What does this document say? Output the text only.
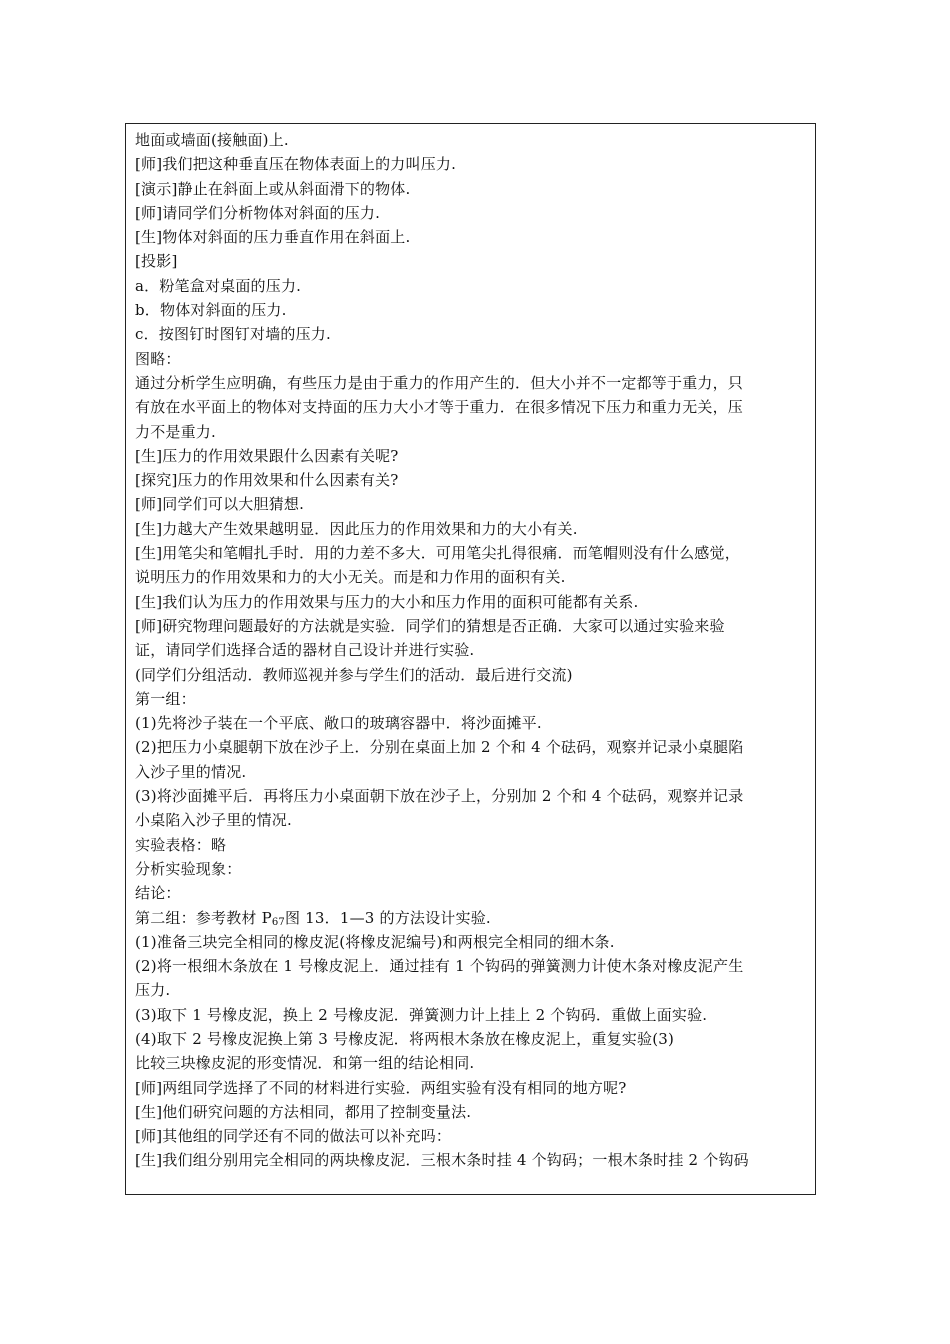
地面或墙面(接触面)上.
[师]我们把这种垂直压在物体表面上的力叫压力.
[演示]静止在斜面上或从斜面滑下的物体.
[师]请同学们分析物体对斜面的压力.
[生]物体对斜面的压力垂直作用在斜面上.
[投影]
a．粉笔盒对桌面的压力.
b．物体对斜面的压力.
c．按图钉时图钉对墙的压力.
图略：
通过分析学生应明确，有些压力是由于重力的作用产生的．但大小并不一定都等于重力，只
有放在水平面上的物体对支持面的压力大小才等于重力．在很多情况下压力和重力无关，压
力不是重力.
[生]压力的作用效果跟什么因素有关呢?
[探究]压力的作用效果和什么因素有关?
[师]同学们可以大胆猜想.
[生]力越大产生效果越明显．因此压力的作用效果和力的大小有关.
[生]用笔尖和笔帽扎手时．用的力差不多大．可用笔尖扎得很痛．而笔帽则没有什么感觉，
说明压力的作用效果和力的大小无关。而是和力作用的面积有关.
[生]我们认为压力的作用效果与压力的大小和压力作用的面积可能都有关系.
[师]研究物理问题最好的方法就是实验．同学们的猜想是否正确．大家可以通过实验来验
证，请同学们选择合适的器材自己设计并进行实验.
(同学们分组活动．教师巡视并参与学生们的活动．最后进行交流)
第一组：
(1)先将沙子装在一个平底、敞口的玻璃容器中．将沙面摊平.
(2)把压力小桌腿朝下放在沙子上．分别在桌面上加 2 个和 4 个砝码，观察并记录小桌腿陷
入沙子里的情况.
(3)将沙面摊平后．再将压力小桌面朝下放在沙子上，分别加 2 个和 4 个砝码，观察并记录
小桌陷入沙子里的情况.
实验表格：略
分析实验现象：
结论：
第二组：参考教材 $P_{67}$图 13．1—3 的方法设计实验.
(1)准备三块完全相同的橡皮泥(将橡皮泥编号)和两根完全相同的细木条.
(2)将一根细木条放在 1 号橡皮泥上．通过挂有 1 个钩码的弹簧测力计使木条对橡皮泥产生
压力.
(3)取下 1 号橡皮泥，换上 2 号橡皮泥．弹簧测力计上挂上 2 个钩码．重做上面实验.
(4)取下 2 号橡皮泥换上第 3 号橡皮泥．将两根木条放在橡皮泥上，重复实验(3)
比较三块橡皮泥的形变情况．和第一组的结论相同.
[师]两组同学选择了不同的材料进行实验．两组实验有没有相同的地方呢?
[生]他们研究问题的方法相同，都用了控制变量法.
[师]其他组的同学还有不同的做法可以补充吗：
[生]我们组分别用完全相同的两块橡皮泥．三根木条时挂 4 个钩码；一根木条时挂 2 个钩码
